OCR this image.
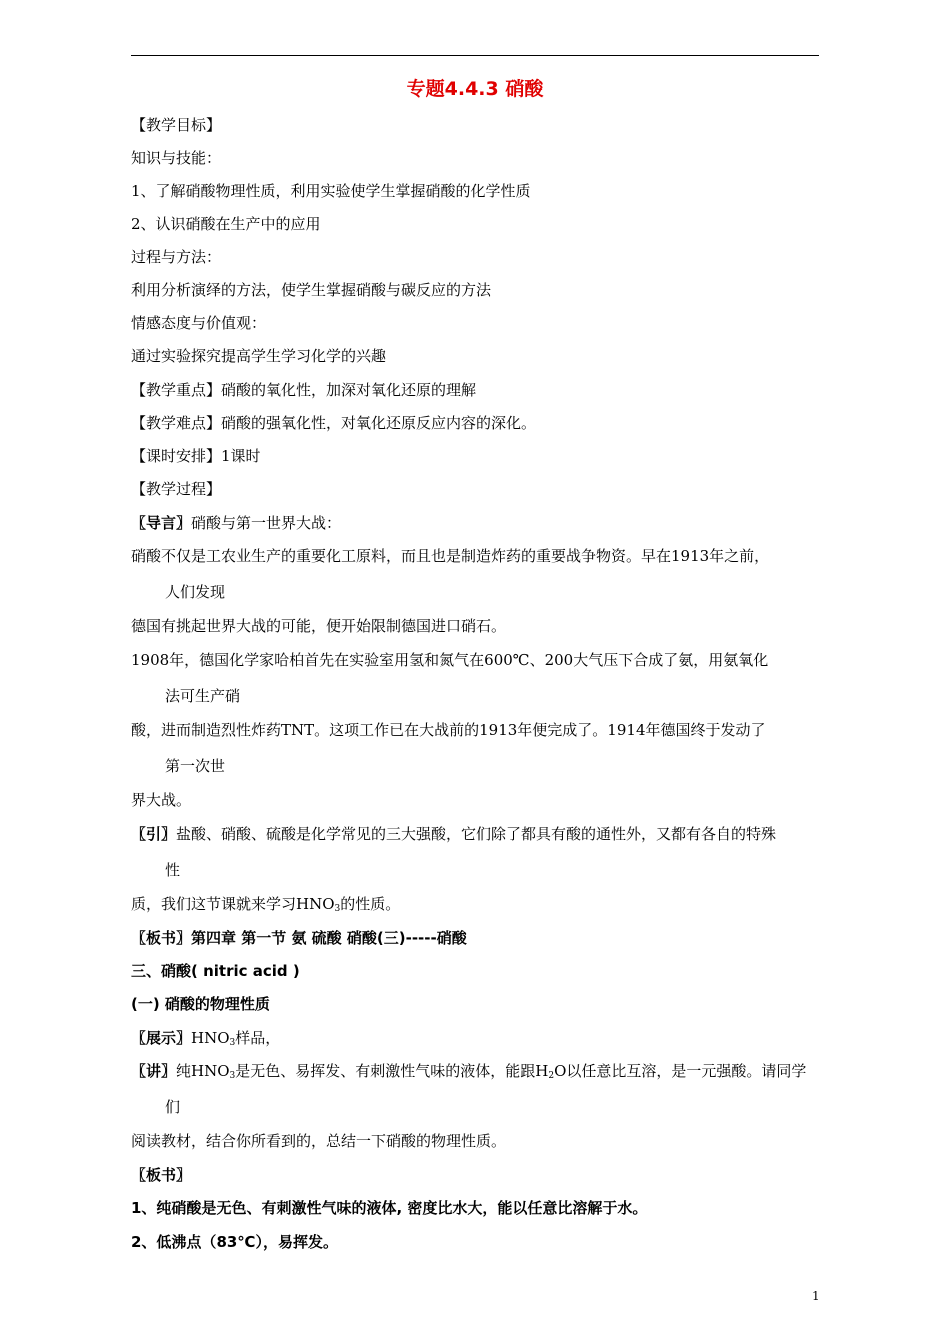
专题4.4.3 硝酸
【教学目标】
知识与技能：
1、了解硝酸物理性质，利用实验使学生掌握硝酸的化学性质
2、认识硝酸在生产中的应用
过程与方法：
利用分析演绎的方法，使学生掌握硝酸与碳反应的方法
情感态度与价值观：
通过实验探究提高学生学习化学的兴趣
【教学重点】硝酸的氧化性，加深对氧化还原的理解
【教学难点】硝酸的强氧化性，对氧化还原反应内容的深化。
【课时安排】1课时
【教学过程】
〖导言〗硝酸与第一世界大战：
硝酸不仅是工农业生产的重要化工原料，而且也是制造炸药的重要战争物资。早在1913年之前，
人们发现
德国有挑起世界大战的可能，便开始限制德国进口硝石。
1908年，德国化学家哈柏首先在实验室用氢和氮气在600℃、200大气压下合成了氨，用氨氧化
法可生产硝
酸，进而制造烈性炸药TNT。这项工作已在大战前的1913年便完成了。1914年德国终于发动了
第一次世
界大战。
〖引〗盐酸、硝酸、硫酸是化学常见的三大强酸，它们除了都具有酸的通性外，又都有各自的特殊
性
质，我们这节课就来学习$HNO_3$的性质。
〖板书〗第四章 第一节 氨 硫酸 硝酸(三)-----硝酸
三、硝酸( nitric acid )
(一) 硝酸的物理性质
〖展示〗$HNO_3$样品，
〖讲〗纯$HNO_3$是无色、易挥发、有刺激性气味的液体，能跟$H_2O$以任意比互溶，是一元强酸。请同学
们
阅读教材，结合你所看到的，总结一下硝酸的物理性质。
〖板书〗
1、纯硝酸是无色、有刺激性气味的液体, 密度比水大，能以任意比溶解于水。
2、低沸点（83℃），易挥发。
1
